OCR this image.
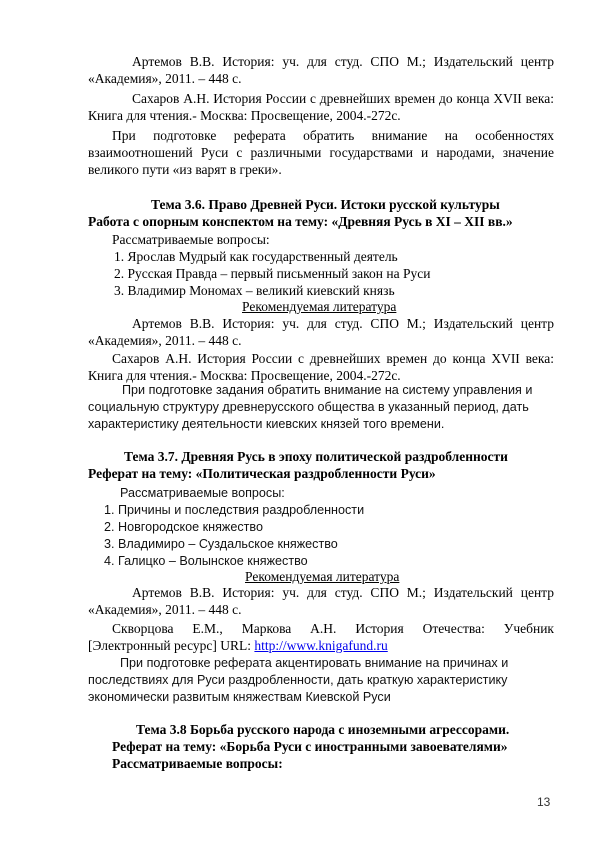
Артемов В.В. История: уч. для студ. СПО М.; Издательский центр
«Академия», 2011. – 448 с.
Сахаров А.Н. История России с древнейших времен до конца XVII века:
Книга для чтения.- Москва: Просвещение, 2004.-272с.
При подготовке реферата обратить внимание на особенностях
взаимоотношений Руси с различными государствами и народами, значение
великого пути «из варят в греки».
Тема 3.6. Право Древней Руси. Истоки русской культуры
Работа с опорным конспектом на тему: «Древняя Русь в XI – XII вв.»
Рассматриваемые вопросы:
1. Ярослав Мудрый как государственный деятель
2. Русская Правда – первый письменный закон на Руси
3. Владимир Мономах – великий киевский князь
Рекомендуемая литература
Артемов В.В. История: уч. для студ. СПО М.; Издательский центр
«Академия», 2011. – 448 с.
Сахаров А.Н. История России с древнейших времен до конца XVII века:
Книга для чтения.- Москва: Просвещение, 2004.-272с.
При подготовке задания обратить внимание на систему управления и
социальную структуру древнерусского общества в указанный период, дать
характеристику деятельности киевских князей того времени.
Тема 3.7. Древняя Русь в эпоху политической раздробленности
Реферат на тему: «Политическая раздробленности Руси»
Рассматриваемые вопросы:
1. Причины и последствия раздробленности
2. Новгородское княжество
3. Владимиро – Суздальское княжество
4. Галицко – Волынское княжество
Рекомендуемая литература
Артемов В.В. История: уч. для студ. СПО М.; Издательский центр
«Академия», 2011. – 448 с.
Скворцова Е.М., Маркова А.Н. История Отечества: Учебник
[Электронный ресурс] URL: http://www.knigafund.ru
При подготовке реферата акцентировать внимание на причинах и
последствиях для Руси раздробленности, дать краткую характеристику
экономически развитым княжествам Киевской Руси
Тема 3.8 Борьба русского народа с иноземными агрессорами.
Реферат на тему: «Борьба Руси с иностранными завоевателями»
Рассматриваемые вопросы:
13
